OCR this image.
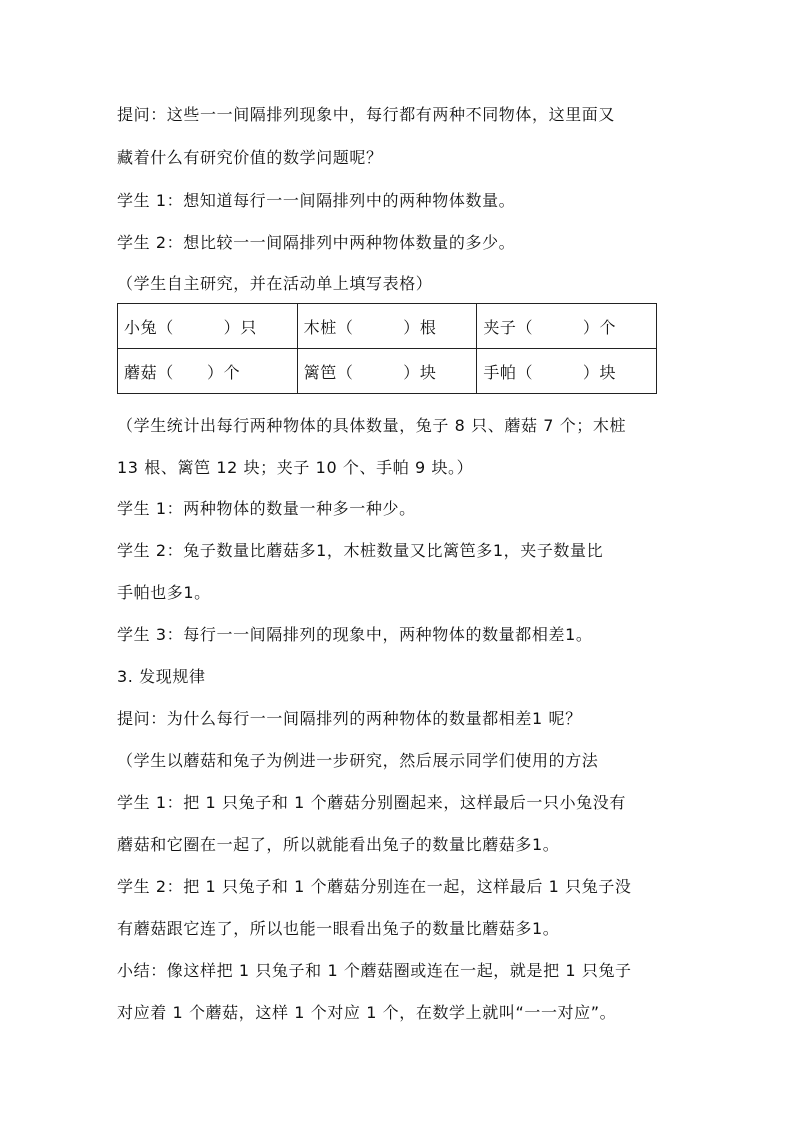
提问：这些一一间隔排列现象中，每行都有两种不同物体，这里面又
藏着什么有研究价值的数学问题呢？
学生 1：想知道每行一一间隔排列中的两种物体数量。
学生 2：想比较一一间隔排列中两种物体数量的多少。
（学生自主研究，并在活动单上填写表格）
小兔（　　　）只	木桩（　　　）根	夹子（　　　）个
蘑菇（　　）个	篱笆（　　　）块	手帕（　　　）块
（学生统计出每行两种物体的具体数量，兔子 8 只、蘑菇 7 个；木桩
13 根、篱笆 12 块；夹子 10 个、手帕 9 块。）
学生 1：两种物体的数量一种多一种少。
学生 2：兔子数量比蘑菇多1，木桩数量又比篱笆多1，夹子数量比
手帕也多1。
学生 3：每行一一间隔排列的现象中，两种物体的数量都相差1。
3. 发现规律
提问：为什么每行一一间隔排列的两种物体的数量都相差1 呢？
（学生以蘑菇和兔子为例进一步研究，然后展示同学们使用的方法
学生 1：把 1 只兔子和 1 个蘑菇分别圈起来，这样最后一只小兔没有
蘑菇和它圈在一起了，所以就能看出兔子的数量比蘑菇多1。
学生 2：把 1 只兔子和 1 个蘑菇分别连在一起，这样最后 1 只兔子没
有蘑菇跟它连了，所以也能一眼看出兔子的数量比蘑菇多1。
小结：像这样把 1 只兔子和 1 个蘑菇圈或连在一起，就是把 1 只兔子
对应着 1 个蘑菇，这样 1 个对应 1 个，在数学上就叫“一一对应”。
